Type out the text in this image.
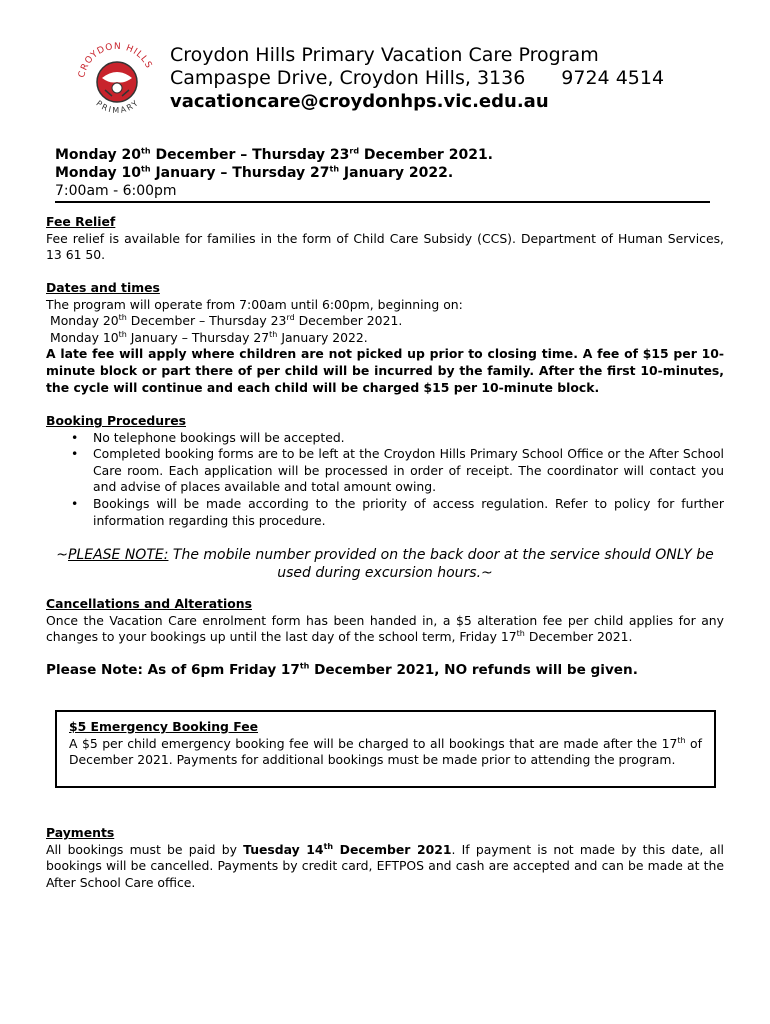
CROYDON HILLS
PRIMARY
Croydon Hills Primary Vacation Care Program
Campaspe Drive, Croydon Hills, 3136 9724 4514
vacationcare@croydonhps.vic.edu.au
Monday 20th December – Thursday 23rd December 2021.
Monday 10th January – Thursday 27th January 2022.
7:00am - 6:00pm
Fee Relief
Fee relief is available for families in the form of Child Care Subsidy (CCS). Department of Human Services, 13 61 50.
Dates and times
The program will operate from 7:00am until 6:00pm, beginning on:
Monday 20th December – Thursday 23rd December 2021.
Monday 10th January – Thursday 27th January 2022.
A late fee will apply where children are not picked up prior to closing time. A fee of $15 per 10-minute block or part there of per child will be incurred by the family. After the first 10-minutes, the cycle will continue and each child will be charged $15 per 10-minute block.
Booking Procedures
• No telephone bookings will be accepted.
• Completed booking forms are to be left at the Croydon Hills Primary School Office or the After School Care room. Each application will be processed in order of receipt. The coordinator will contact you and advise of places available and total amount owing.
• Bookings will be made according to the priority of access regulation. Refer to policy for further information regarding this procedure.
~PLEASE NOTE: The mobile number provided on the back door at the service should ONLY be used during excursion hours.~
Cancellations and Alterations
Once the Vacation Care enrolment form has been handed in, a $5 alteration fee per child applies for any changes to your bookings up until the last day of the school term, Friday 17th December 2021.
Please Note: As of 6pm Friday 17th December 2021, NO refunds will be given.
$5 Emergency Booking Fee
A $5 per child emergency booking fee will be charged to all bookings that are made after the 17th of December 2021. Payments for additional bookings must be made prior to attending the program.
Payments
All bookings must be paid by Tuesday 14th December 2021. If payment is not made by this date, all bookings will be cancelled. Payments by credit card, EFTPOS and cash are accepted and can be made at the After School Care office.
